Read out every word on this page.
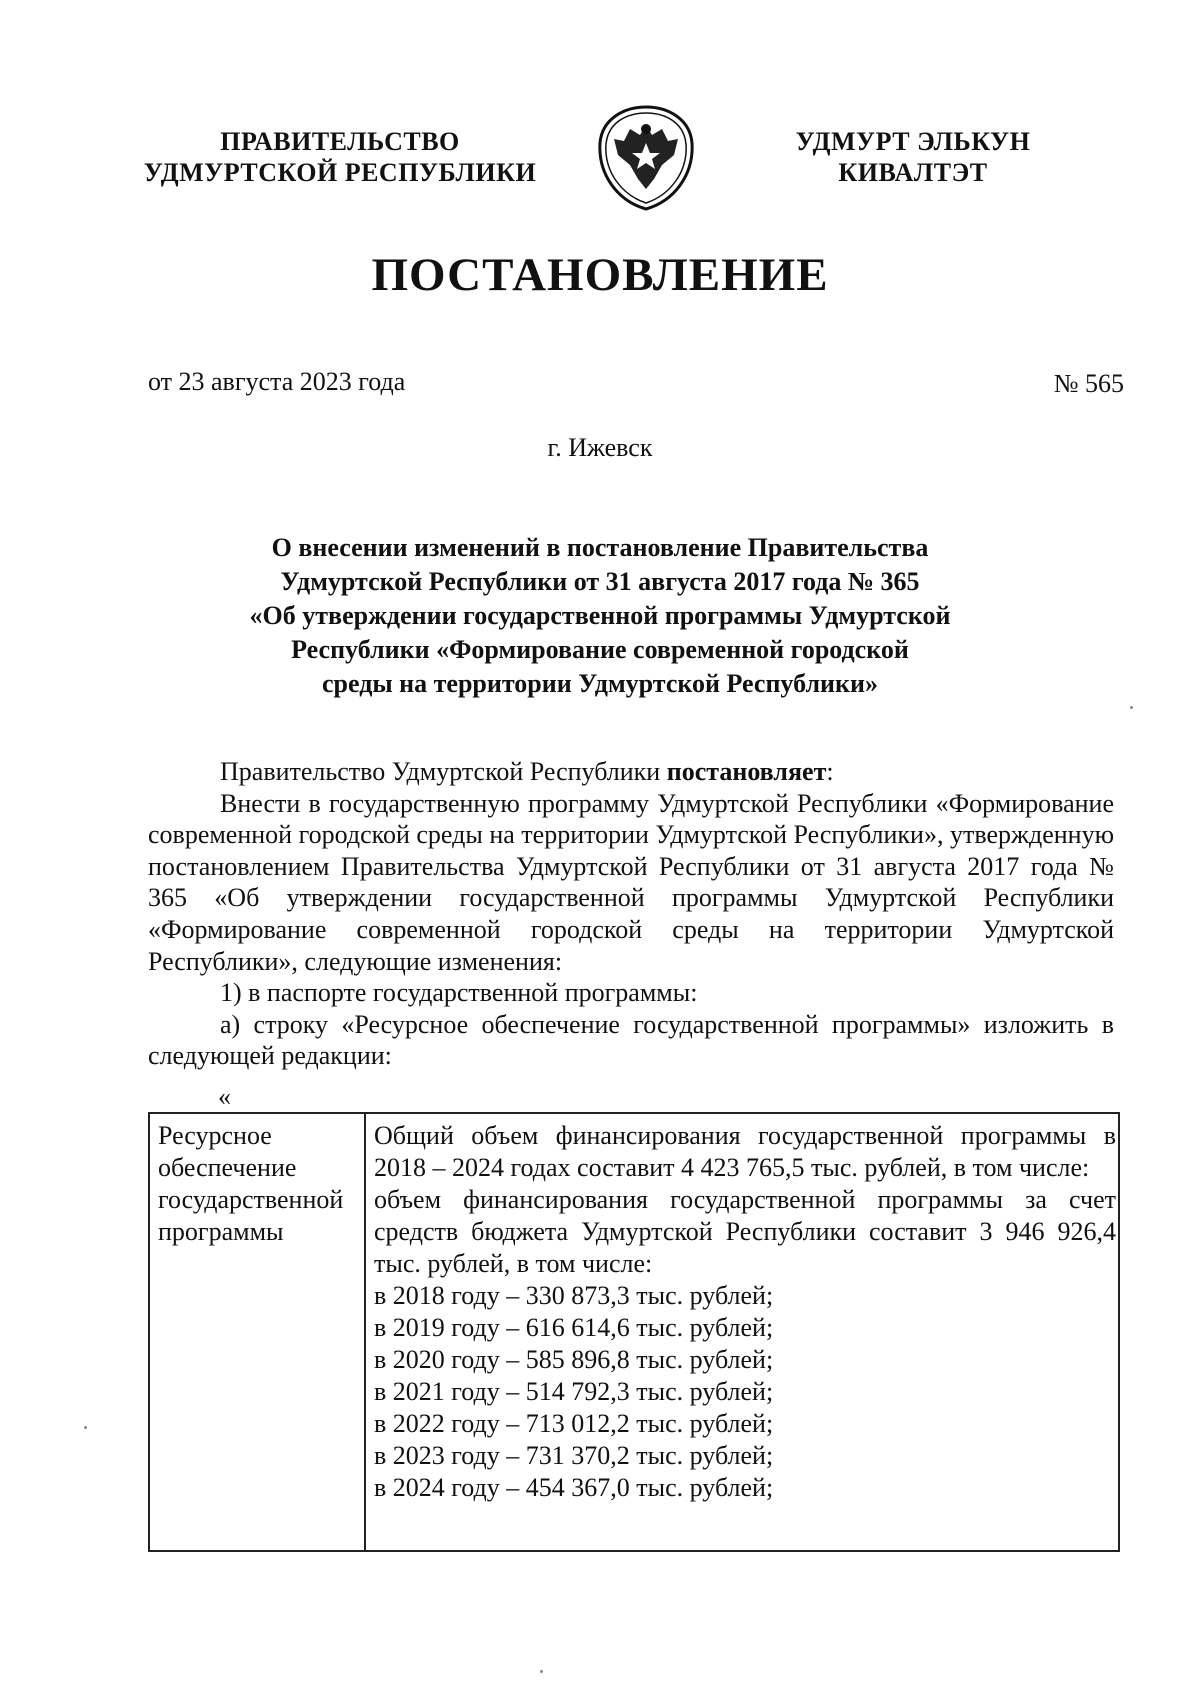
ПРАВИТЕЛЬСТВО
УДМУРТСКОЙ РЕСПУБЛИКИ
УДМУРТ ЭЛЬКУН
КИВАЛТЭТ
ПОСТАНОВЛЕНИЕ
от 23 августа 2023 года	№ 565
г. Ижевск
О внесении изменений в постановление Правительства
Удмуртской Республики от 31 августа 2017 года № 365
«Об утверждении государственной программы Удмуртской
Республики «Формирование современной городской
среды на территории Удмуртской Республики»

Правительство Удмуртской Республики постановляет:

Внести в государственную программу Удмуртской Республики «Формирование современной городской среды на территории Удмуртской Республики», утвержденную постановлением Правительства Удмуртской Республики от 31 августа 2017 года № 365 «Об утверждении государственной программы Удмуртской Республики «Формирование современной городской среды на территории Удмуртской Республики», следующие изменения:

1) в паспорте государственной программы:

а) строку «Ресурсное обеспечение государственной программы» изложить в следующей редакции:

«
Ресурсное
обеспечение
государственной
программы

Общий объем финансирования государственной программы в 2018 – 2024 годах составит 4 423 765,5 тыс. рублей, в том числе:

объем финансирования государственной программы за счет средств бюджета Удмуртской Республики составит 3 946 926,4 тыс. рублей, в том числе:

в 2018 году – 330 873,3 тыс. рублей;

в 2019 году – 616 614,6 тыс. рублей;

в 2020 году – 585 896,8 тыс. рублей;

в 2021 году – 514 792,3 тыс. рублей;

в 2022 году – 713 012,2 тыс. рублей;

в 2023 году – 731 370,2 тыс. рублей;

в 2024 году – 454 367,0 тыс. рублей;
